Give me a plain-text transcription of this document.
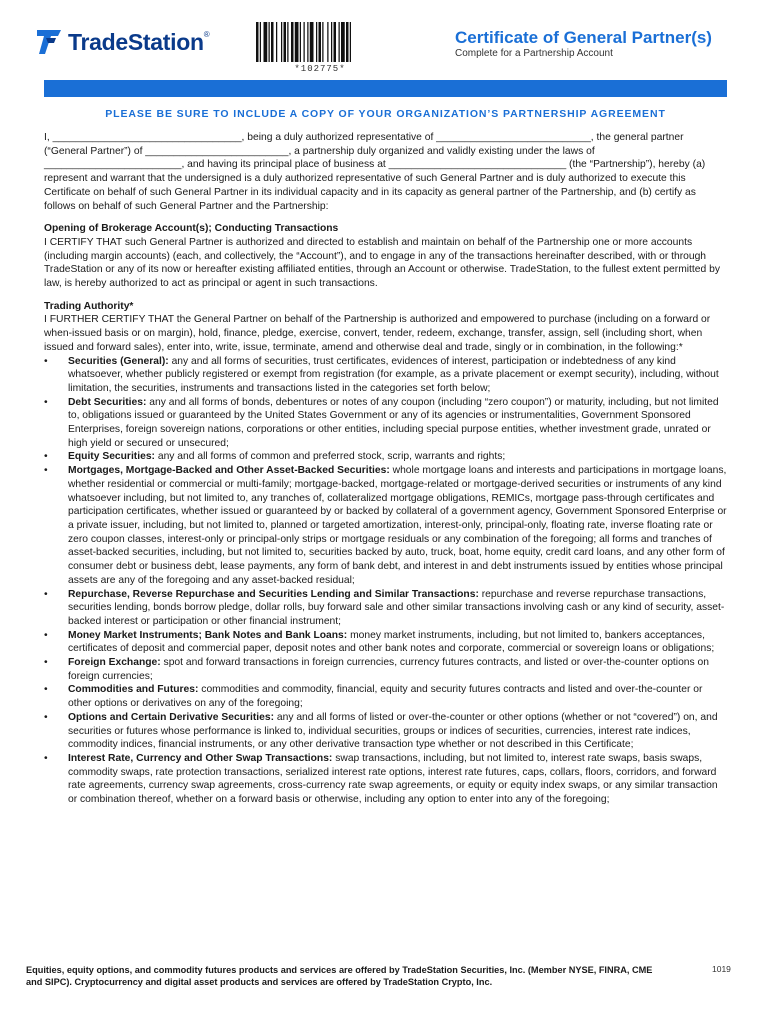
TradeStation ®
*102775*
Certificate of General Partner(s)
Complete for a Partnership Account
PLEASE BE SURE TO INCLUDE A COPY OF YOUR ORGANIZATION’S PARTNERSHIP AGREEMENT

I, _________________________________, being a duly authorized representative of ___________________________, the general partner (“General Partner”) of _________________________, a partnership duly organized and validly existing under the laws of ________________________, and having its principal place of business at _______________________________ (the “Partnership”), hereby (a) represent and warrant that the undersigned is a duly authorized representative of such General Partner and is duly authorized to execute this Certificate on behalf of such General Partner in its individual capacity and in its capacity as general partner of the Partnership, and (b) certify as follows on behalf of such General Partner and the Partnership:

Opening of Brokerage Account(s); Conducting Transactions

I CERTIFY THAT such General Partner is authorized and directed to establish and maintain on behalf of the Partnership one or more accounts (including margin accounts) (each, and collectively, the “Account”), and to engage in any of the transactions hereinafter described, with or through TradeStation or any of its now or hereafter existing affiliated entities, through an Account or otherwise. TradeStation, to the fullest extent permitted by law, is hereby authorized to act as principal or agent in such transactions.

Trading Authority*

I FURTHER CERTIFY THAT the General Partner on behalf of the Partnership is authorized and empowered to purchase (including on a forward or when-issued basis or on margin), hold, finance, pledge, exercise, convert, tender, redeem, exchange, transfer, assign, sell (including short, when issued and forward sales), enter into, write, issue, terminate, amend and otherwise deal and trade, singly or in combination, in the following:*

• Securities (General): any and all forms of securities, trust certificates, evidences of interest, participation or indebtedness of any kind whatsoever, whether publicly registered or exempt from registration (for example, as a private placement or exempt security), including, without limitation, the securities, instruments and transactions listed in the categories set forth below;
• Debt Securities: any and all forms of bonds, debentures or notes of any coupon (including “zero coupon”) or maturity, including, but not limited to, obligations issued or guaranteed by the United States Government or any of its agencies or instrumentalities, Government Sponsored Enterprises, foreign sovereign nations, corporations or other entities, including special purpose entities, whether investment grade, unrated or high yield or secured or unsecured;
• Equity Securities: any and all forms of common and preferred stock, scrip, warrants and rights;
• Mortgages, Mortgage-Backed and Other Asset-Backed Securities: whole mortgage loans and interests and participations in mortgage loans, whether residential or commercial or multi-family; mortgage-backed, mortgage-related or mortgage-derived securities or instruments of any kind whatsoever including, but not limited to, any tranches of, collateralized mortgage obligations, REMICs, mortgage pass-through certificates and participation certificates, whether issued or guaranteed by or backed by collateral of a government agency, Government Sponsored Enterprise or a private issuer, including, but not limited to, planned or targeted amortization, interest-only, principal-only, floating rate, inverse floating rate or zero coupon classes, interest-only or principal-only strips or mortgage residuals or any combination of the foregoing; all forms and tranches of asset-backed securities, including, but not limited to, securities backed by auto, truck, boat, home equity, credit card loans, and any other form of consumer debt or business debt, lease payments, any form of bank debt, and interest in and debt instruments issued by entities whose principal assets are any of the foregoing and any asset-backed residual;
• Repurchase, Reverse Repurchase and Securities Lending and Similar Transactions: repurchase and reverse repurchase transactions, securities lending, bonds borrow pledge, dollar rolls, buy forward sale and other similar transactions involving cash or any kind of security, asset-backed interest or participation or other financial instrument;
• Money Market Instruments; Bank Notes and Bank Loans: money market instruments, including, but not limited to, bankers acceptances, certificates of deposit and commercial paper, deposit notes and other bank notes and corporate, commercial or sovereign loans or obligations;
• Foreign Exchange: spot and forward transactions in foreign currencies, currency futures contracts, and listed or over-the-counter options on foreign currencies;
• Commodities and Futures: commodities and commodity, financial, equity and security futures contracts and listed and over-the-counter or other options or derivatives on any of the foregoing;
• Options and Certain Derivative Securities: any and all forms of listed or over-the-counter or other options (whether or not “covered”) on, and securities or futures whose performance is linked to, individual securities, groups or indices of securities, currencies, interest rate indices, commodity indices, financial instruments, or any other derivative transaction type whether or not described in this Certificate;
• Interest Rate, Currency and Other Swap Transactions: swap transactions, including, but not limited to, interest rate swaps, basis swaps, commodity swaps, rate protection transactions, serialized interest rate options, interest rate futures, caps, collars, floors, corridors, and forward rate agreements, currency swap agreements, cross-currency rate swap agreements, or equity or equity index swaps, or any similar transaction or combination thereof, whether on a forward basis or otherwise, including any option to enter into any of the foregoing;
Equities, equity options, and commodity futures products and services are offered by TradeStation Securities, Inc. (Member NYSE, FINRA, CME and SIPC). Cryptocurrency and digital asset products and services are offered by TradeStation Crypto, Inc.
1019
